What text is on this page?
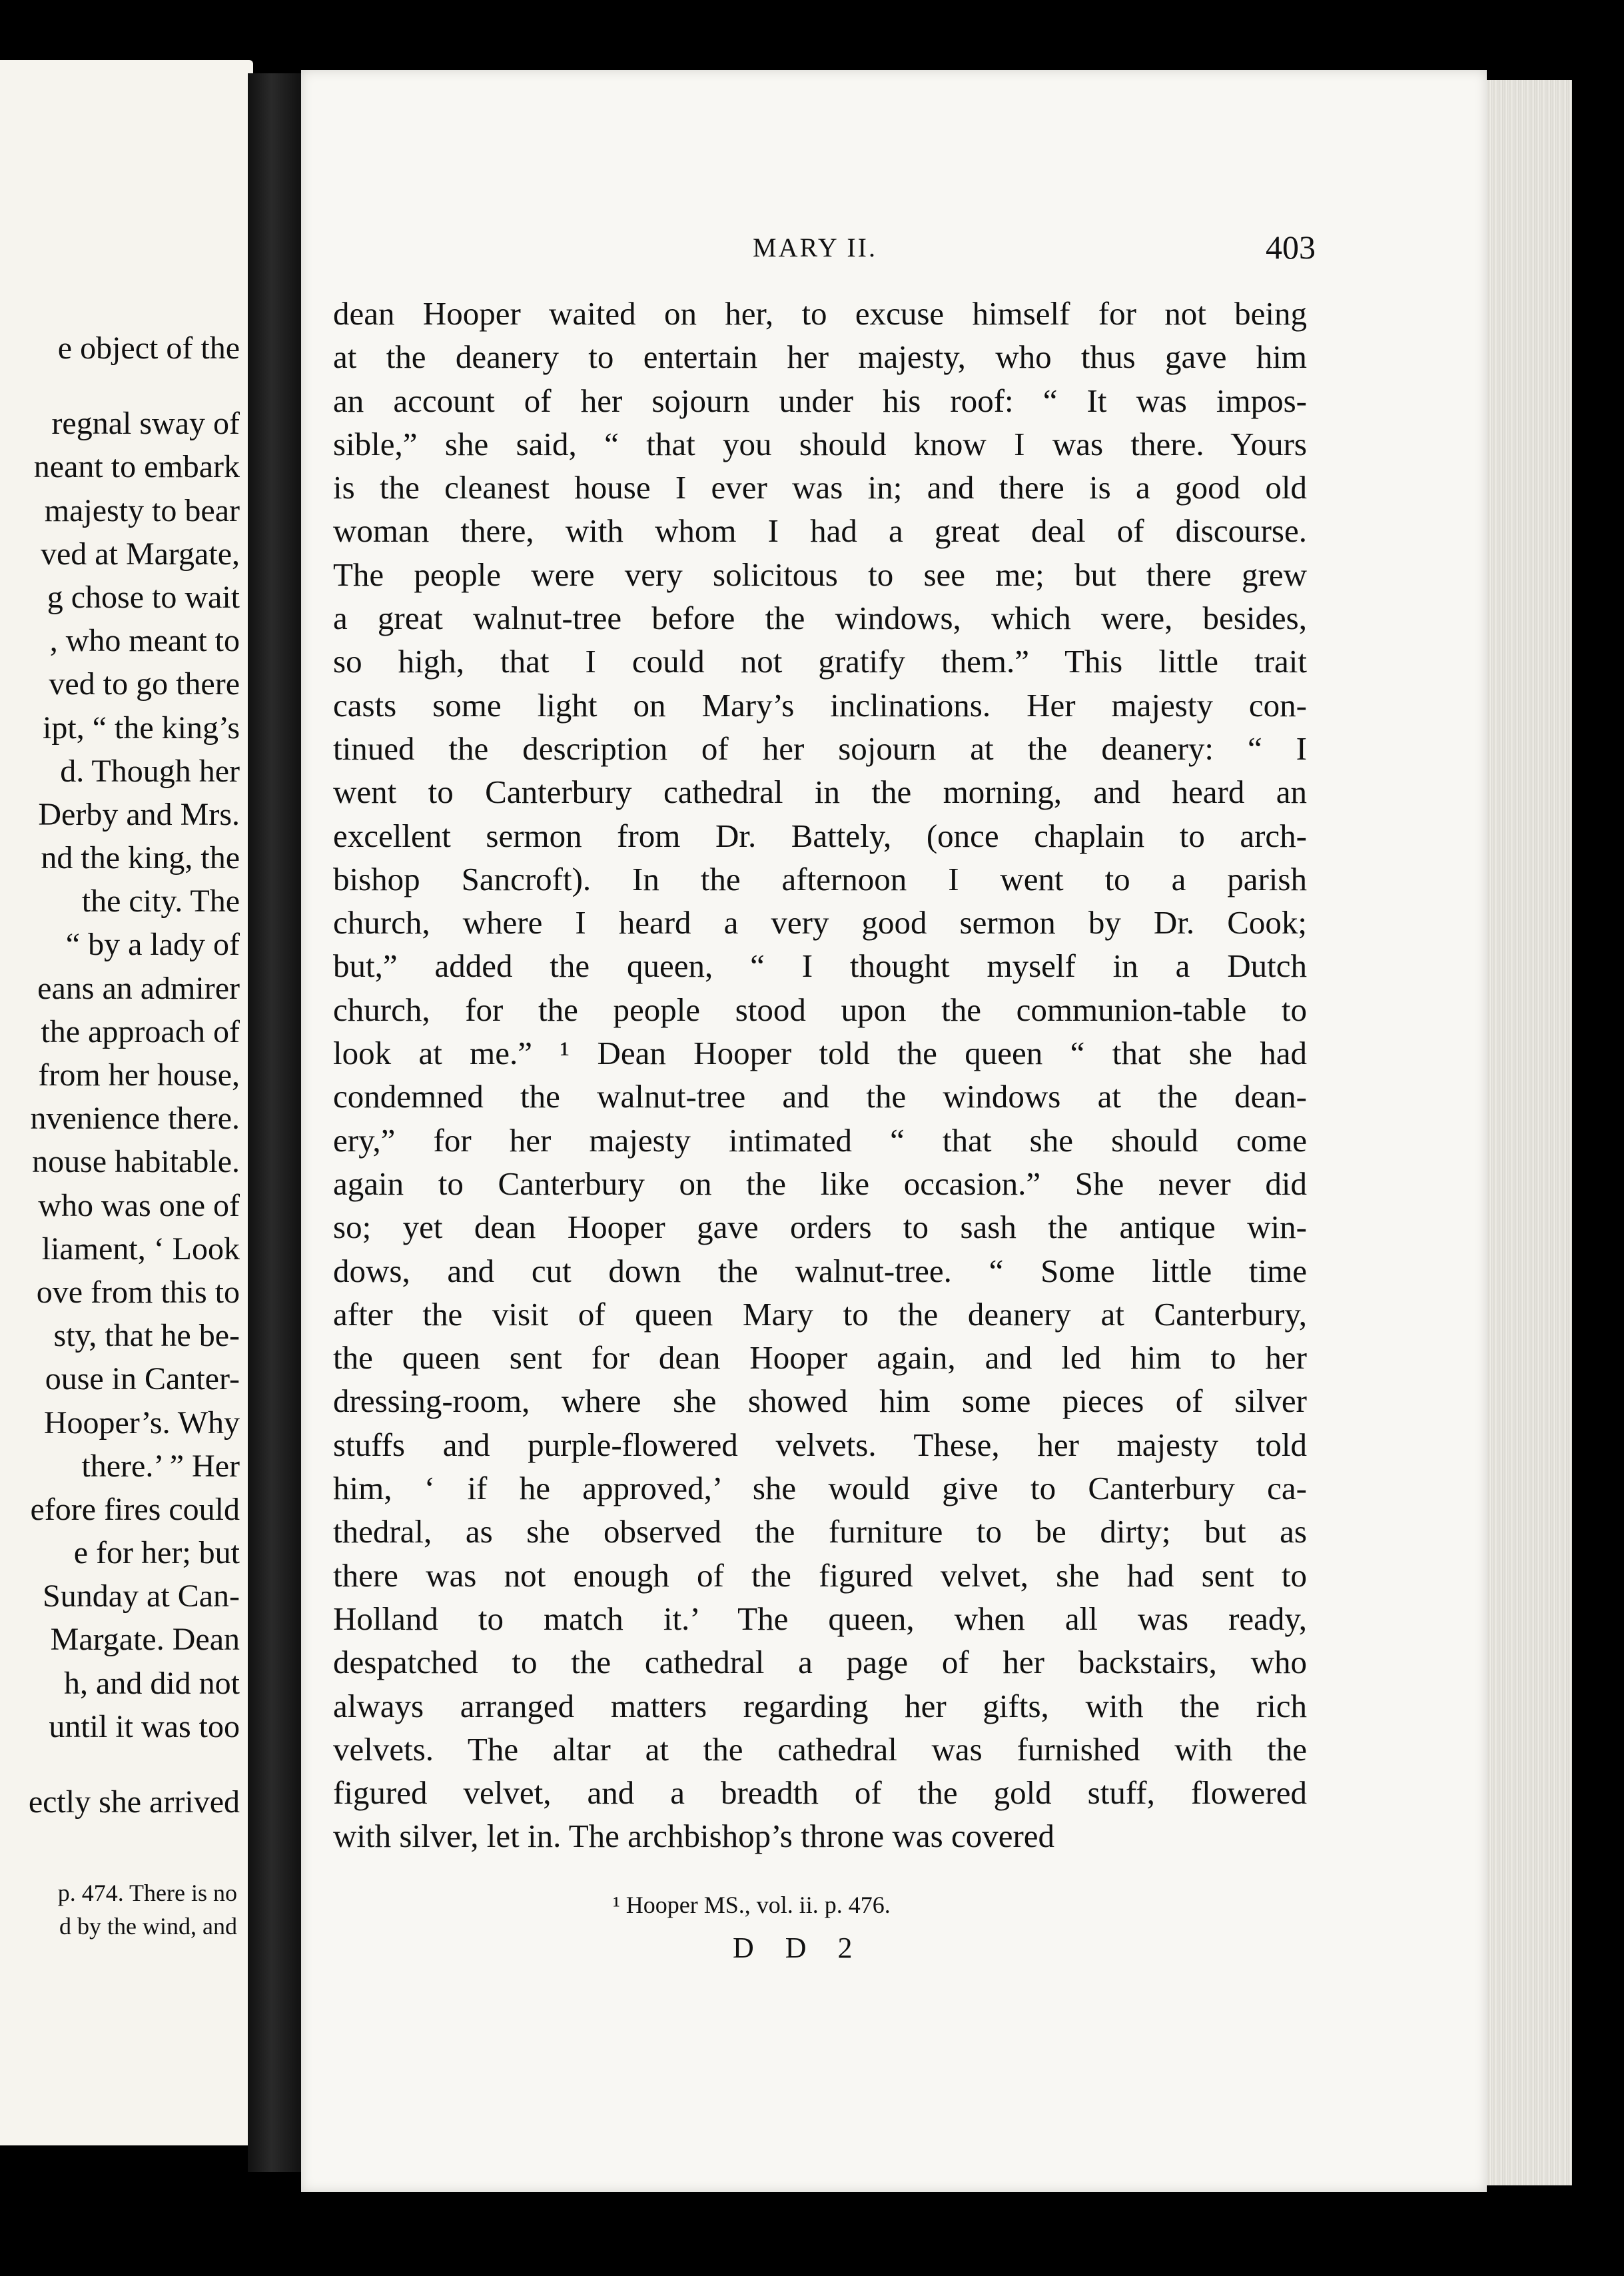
e object of the
regnal sway of
neant to embark
majesty to bear
ved at Margate,
g chose to wait
, who meant to
ved to go there
ipt, “ the king’s
d. Though her
Derby and Mrs.
nd the king, the
the city. The
“ by a lady of
eans an admirer
the approach of
from her house,
nvenience there.
nouse habitable.
who was one of
liament, ‘ Look
ove from this to
sty, that he be-
ouse in Canter-
Hooper’s. Why
there.’ ” Her
efore fires could
e for her; but
Sunday at Can-
Margate. Dean
h, and did not
until it was too
ectly she arrived
p. 474. There is no
d by the wind, and
MARY II.	403
dean Hooper waited on her, to excuse himself for not being
at the deanery to entertain her majesty, who thus gave him
an account of her sojourn under his roof: “ It was impos-
sible,” she said, “ that you should know I was there. Yours
is the cleanest house I ever was in; and there is a good old
woman there, with whom I had a great deal of discourse.
The people were very solicitous to see me; but there grew
a great walnut-tree before the windows, which were, besides,
so high, that I could not gratify them.” This little trait
casts some light on Mary’s inclinations. Her majesty con-
tinued the description of her sojourn at the deanery: “ I
went to Canterbury cathedral in the morning, and heard an
excellent sermon from Dr. Battely, (once chaplain to arch-
bishop Sancroft). In the afternoon I went to a parish
church, where I heard a very good sermon by Dr. Cook;
but,” added the queen, “ I thought myself in a Dutch
church, for the people stood upon the communion-table to
look at me.” ¹ Dean Hooper told the queen “ that she had
condemned the walnut-tree and the windows at the dean-
ery,” for her majesty intimated “ that she should come
again to Canterbury on the like occasion.” She never did
so; yet dean Hooper gave orders to sash the antique win-
dows, and cut down the walnut-tree. “ Some little time
after the visit of queen Mary to the deanery at Canterbury,
the queen sent for dean Hooper again, and led him to her
dressing-room, where she showed him some pieces of silver
stuffs and purple-flowered velvets. These, her majesty told
him, ‘ if he approved,’ she would give to Canterbury ca-
thedral, as she observed the furniture to be dirty; but as
there was not enough of the figured velvet, she had sent to
Holland to match it.’ The queen, when all was ready,
despatched to the cathedral a page of her backstairs, who
always arranged matters regarding her gifts, with the rich
velvets. The altar at the cathedral was furnished with the
figured velvet, and a breadth of the gold stuff, flowered
with silver, let in. The archbishop’s throne was covered
¹ Hooper MS., vol. ii. p. 476.
D D 2
